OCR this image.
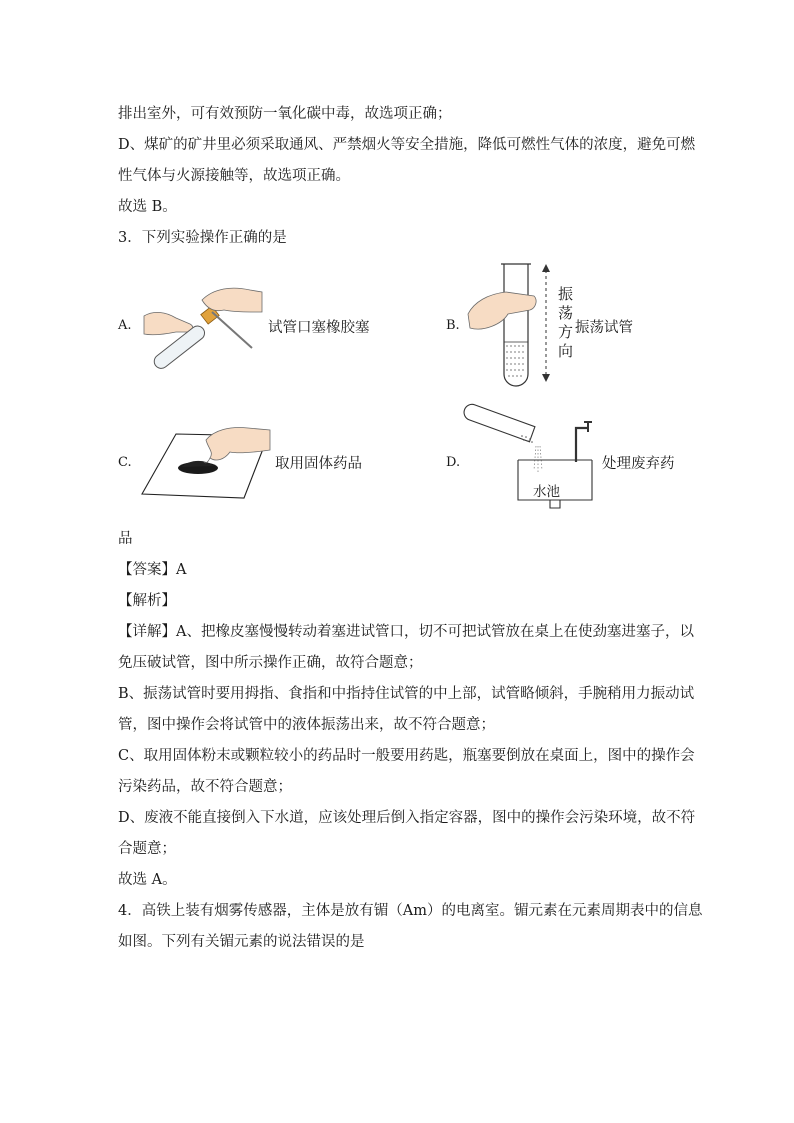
排出室外，可有效预防一氧化碳中毒，故选项正确；
D、煤矿的矿井里必须采取通风、严禁烟火等安全措施，降低可燃性气体的浓度，避免可燃
性气体与火源接触等，故选项正确。
故选 B。
3．下列实验操作正确的是
A.	试管口塞橡胶塞	B.
振
荡
方
向
振荡试管
C.	取用固体药品	D.
水池
处理废弃药
品
【答案】A
【解析】
【详解】A、把橡皮塞慢慢转动着塞进试管口，切不可把试管放在桌上在使劲塞进塞子，以
免压破试管，图中所示操作正确，故符合题意；
B、振荡试管时要用拇指、食指和中指持住试管的中上部，试管略倾斜，手腕稍用力振动试
管，图中操作会将试管中的液体振荡出来，故不符合题意；
C、取用固体粉末或颗粒较小的药品时一般要用药匙，瓶塞要倒放在桌面上，图中的操作会
污染药品，故不符合题意；
D、废液不能直接倒入下水道，应该处理后倒入指定容器，图中的操作会污染环境，故不符
合题意；
故选 A。
4．高铁上装有烟雾传感器，主体是放有镅（Am）的电离室。镅元素在元素周期表中的信息
如图。下列有关镅元素的说法错误的是
